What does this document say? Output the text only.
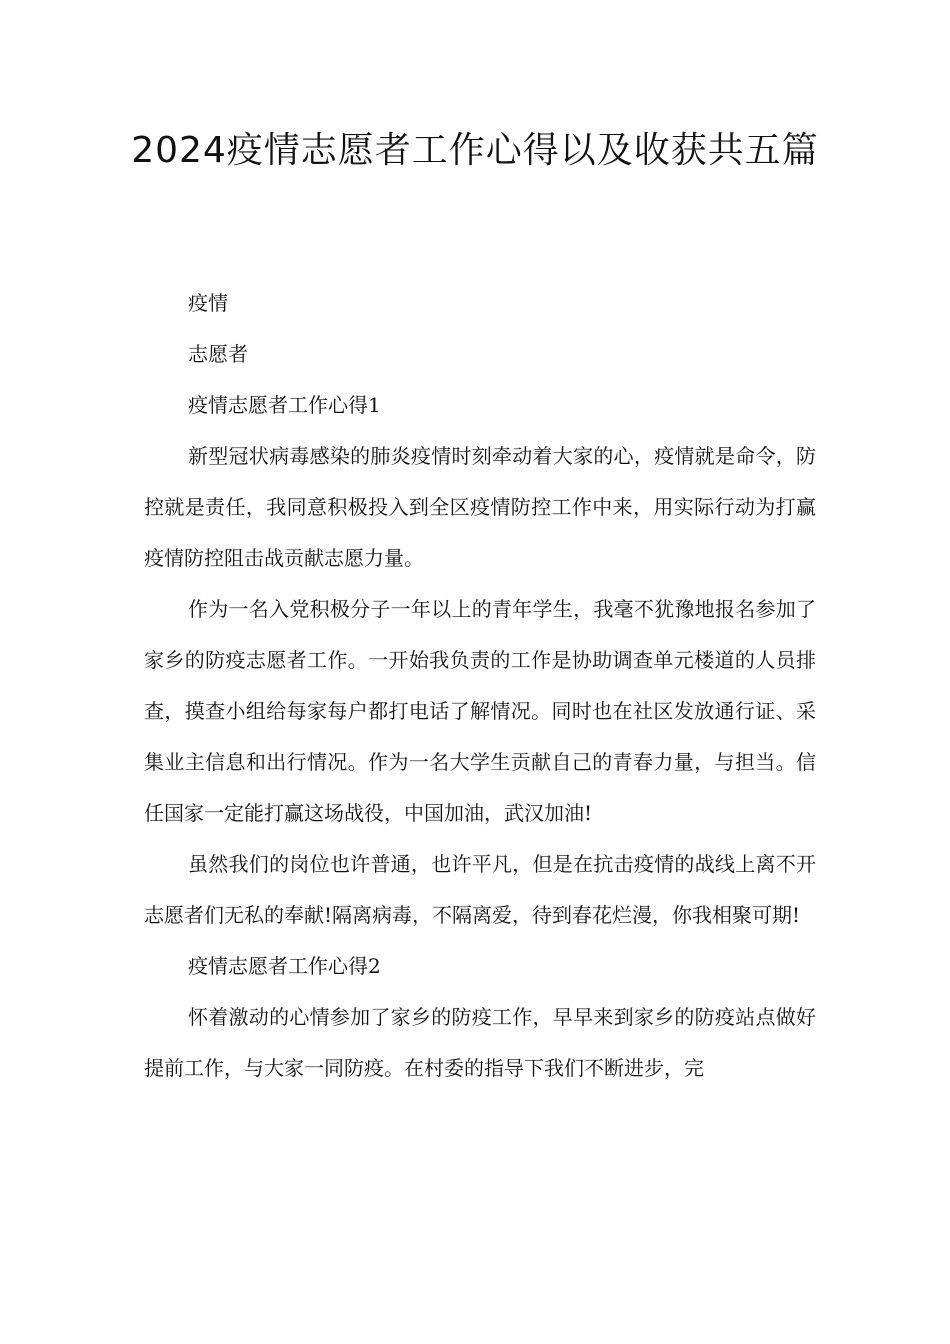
2024疫情志愿者工作心得以及收获共五篇

疫情

志愿者

疫情志愿者工作心得1

新型冠状病毒感染的肺炎疫情时刻牵动着大家的心，疫情就是命令，防控就是责任，我同意积极投入到全区疫情防控工作中来，用实际行动为打赢疫情防控阻击战贡献志愿力量。

作为一名入党积极分子一年以上的青年学生，我毫不犹豫地报名参加了家乡的防疫志愿者工作。一开始我负责的工作是协助调查单元楼道的人员排查，摸查小组给每家每户都打电话了解情况。同时也在社区发放通行证、采集业主信息和出行情况。作为一名大学生贡献自己的青春力量，与担当。信任国家一定能打赢这场战役，中国加油，武汉加油!

虽然我们的岗位也许普通，也许平凡，但是在抗击疫情的战线上离不开志愿者们无私的奉献!隔离病毒，不隔离爱，待到春花烂漫，你我相聚可期!

疫情志愿者工作心得2

怀着激动的心情参加了家乡的防疫工作，早早来到家乡的防疫站点做好提前工作，与大家一同防疫。在村委的指导下我们不断进步，完
